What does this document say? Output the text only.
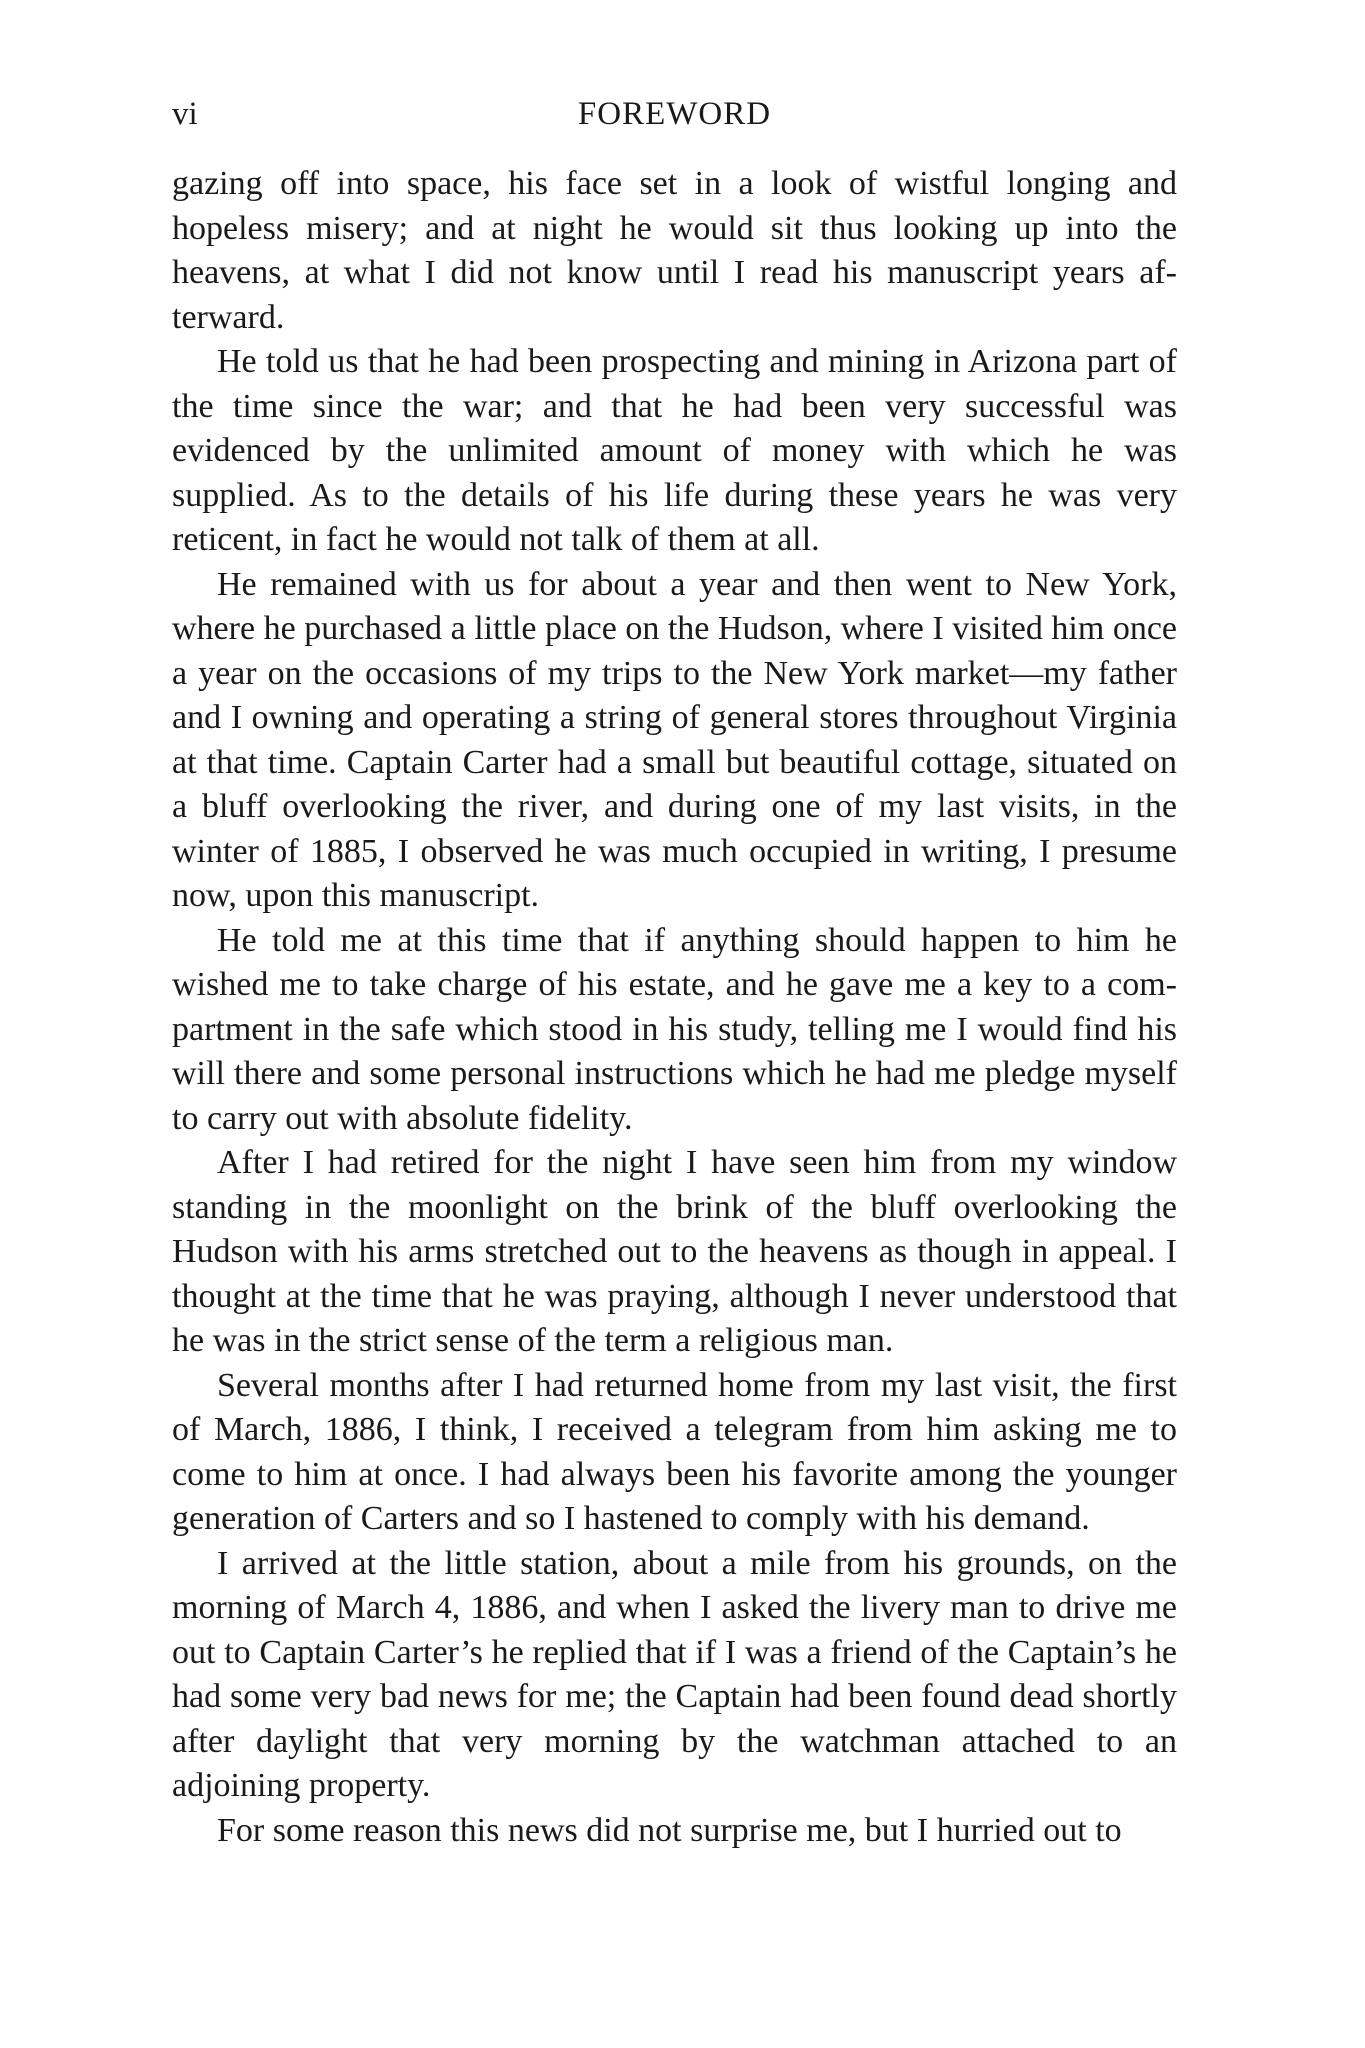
vi	FOREWORD

gazing off into space, his face set in a look of wistful longing and hopeless misery; and at night he would sit thus looking up into the heavens, at what I did not know until I read his manuscript years afterward.

He told us that he had been prospecting and mining in Arizona part of the time since the war; and that he had been very successful was evidenced by the unlimited amount of money with which he was supplied. As to the details of his life during these years he was very reticent, in fact he would not talk of them at all.

He remained with us for about a year and then went to New York, where he purchased a little place on the Hudson, where I visited him once a year on the occasions of my trips to the New York market—my father and I owning and operating a string of general stores throughout Virginia at that time. Captain Carter had a small but beautiful cottage, situated on a bluff overlooking the river, and during one of my last visits, in the winter of 1885, I observed he was much occupied in writing, I presume now, upon this manuscript.

He told me at this time that if anything should happen to him he wished me to take charge of his estate, and he gave me a key to a compartment in the safe which stood in his study, telling me I would find his will there and some personal instructions which he had me pledge myself to carry out with absolute fidelity.

After I had retired for the night I have seen him from my window standing in the moonlight on the brink of the bluff overlooking the Hudson with his arms stretched out to the heavens as though in appeal. I thought at the time that he was praying, although I never understood that he was in the strict sense of the term a religious man.

Several months after I had returned home from my last visit, the first of March, 1886, I think, I received a telegram from him asking me to come to him at once. I had always been his favorite among the younger generation of Carters and so I hastened to comply with his demand.

I arrived at the little station, about a mile from his grounds, on the morning of March 4, 1886, and when I asked the livery man to drive me out to Captain Carter’s he replied that if I was a friend of the Captain’s he had some very bad news for me; the Captain had been found dead shortly after daylight that very morning by the watchman attached to an adjoining property.

For some reason this news did not surprise me, but I hurried out to
